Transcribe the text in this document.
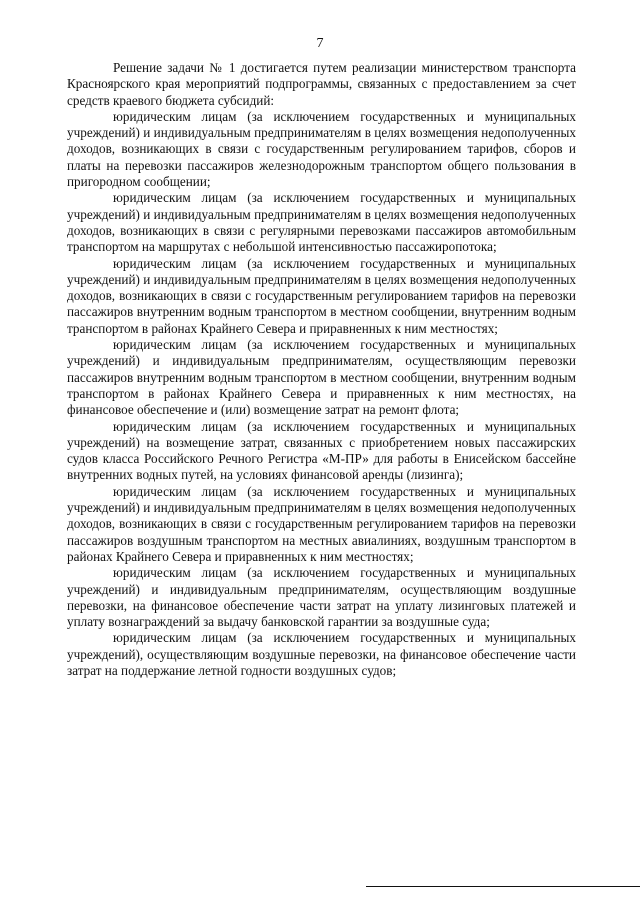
7

Решение задачи № 1 достигается путем реализации министерством транспорта Красноярского края мероприятий подпрограммы, связанных с предоставлением за счет средств краевого бюджета субсидий:

юридическим лицам (за исключением государственных и муниципальных учреждений) и индивидуальным предпринимателям в целях возмещения недополученных доходов, возникающих в связи с государственным регулированием тарифов, сборов и платы на перевозки пассажиров железнодорожным транспортом общего пользования в пригородном сообщении;

юридическим лицам (за исключением государственных и муниципальных учреждений) и индивидуальным предпринимателям в целях возмещения недополученных доходов, возникающих в связи с регулярными перевозками пассажиров автомобильным транспортом на маршрутах с небольшой интенсивностью пассажиропотока;

юридическим лицам (за исключением государственных и муниципальных учреждений) и индивидуальным предпринимателям в целях возмещения недополученных доходов, возникающих в связи с государственным регулированием тарифов на перевозки пассажиров внутренним водным транспортом в местном сообщении, внутренним водным транспортом в районах Крайнего Севера и приравненных к ним местностях;

юридическим лицам (за исключением государственных и муниципальных учреждений) и индивидуальным предпринимателям, осуществляющим перевозки пассажиров внутренним водным транспортом в местном сообщении, внутренним водным транспортом в районах Крайнего Севера и приравненных к ним местностях, на финансовое обеспечение и (или) возмещение затрат на ремонт флота;

юридическим лицам (за исключением государственных и муниципальных учреждений) на возмещение затрат, связанных с приобретением новых пассажирских судов класса Российского Речного Регистра «М-ПР» для работы в Енисейском бассейне внутренних водных путей, на условиях финансовой аренды (лизинга);

юридическим лицам (за исключением государственных и муниципальных учреждений) и индивидуальным предпринимателям в целях возмещения недополученных доходов, возникающих в связи с государственным регулированием тарифов на перевозки пассажиров воздушным транспортом на местных авиалиниях, воздушным транспортом в районах Крайнего Севера и приравненных к ним местностях;

юридическим лицам (за исключением государственных и муниципальных учреждений) и индивидуальным предпринимателям, осуществляющим воздушные перевозки, на финансовое обеспечение части затрат на уплату лизинговых платежей и уплату вознаграждений за выдачу банковской гарантии за воздушные суда;

юридическим лицам (за исключением государственных и муниципальных учреждений), осуществляющим воздушные перевозки, на финансовое обеспечение части затрат на поддержание летной годности воздушных судов;
